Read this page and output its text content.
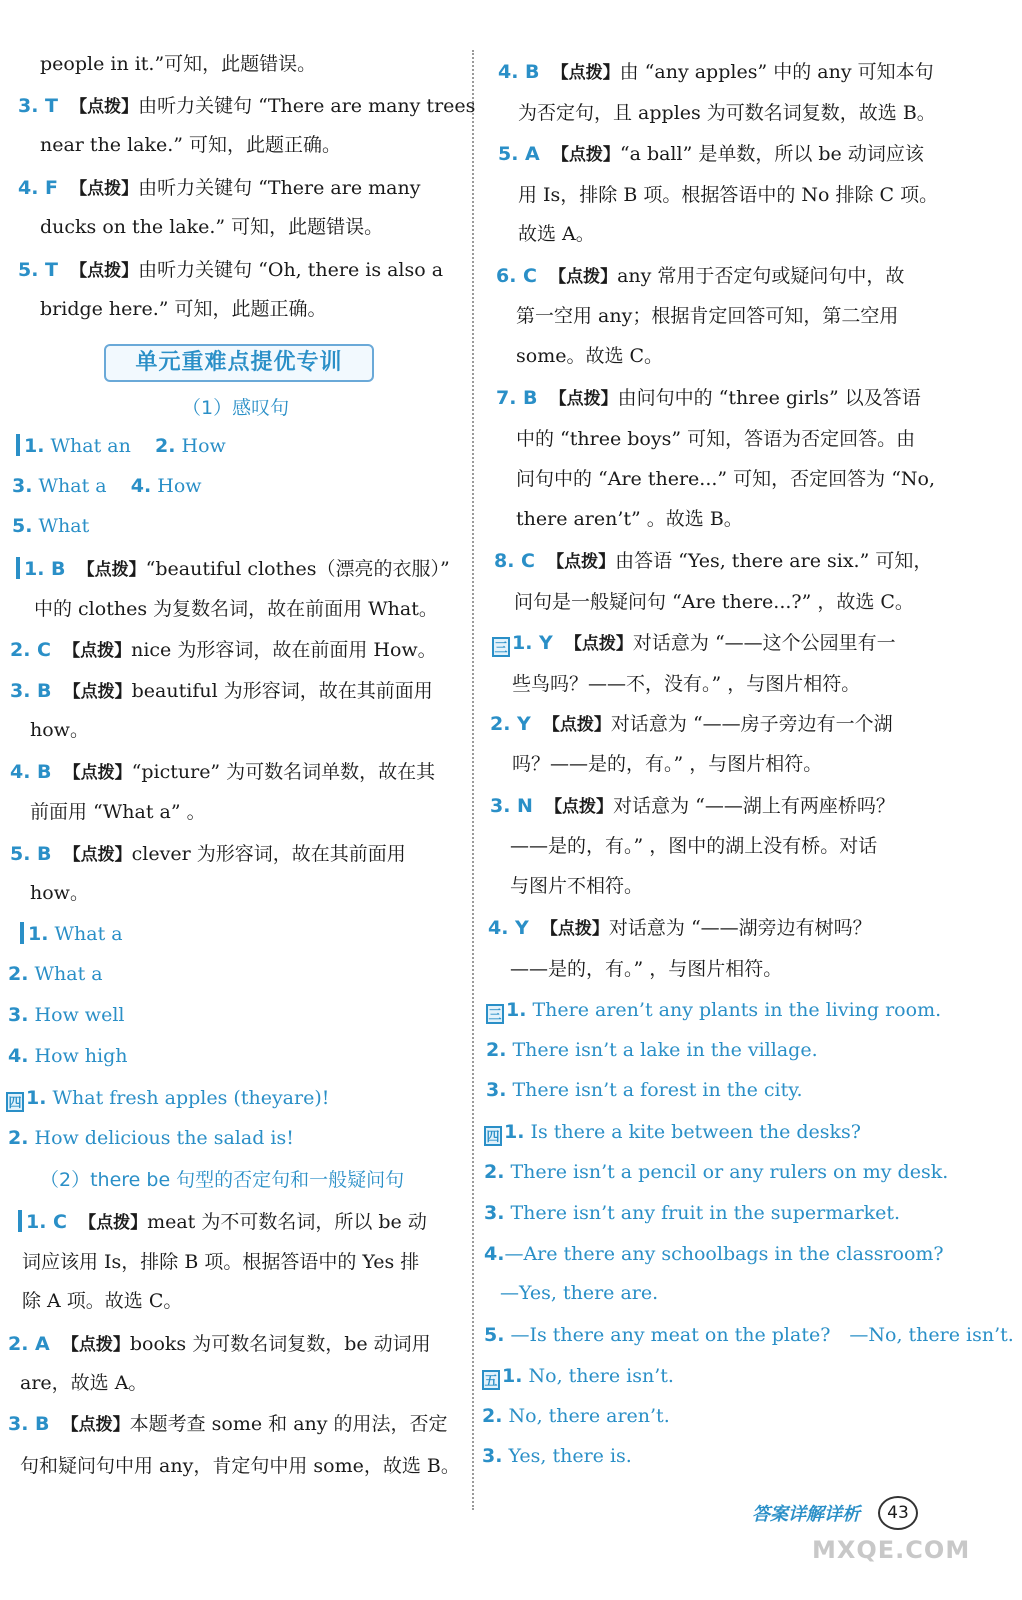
people in it.”可知，此题错误。
3. T 【点拨】由听力关键句 “There are many trees
near the lake.” 可知，此题正确。
4. F 【点拨】由听力关键句 “There are many
ducks on the lake.” 可知，此题错误。
5. T 【点拨】由听力关键句 “Oh, there is also a
bridge here.” 可知，此题正确。
单元重难点提优专训
（1）感叹句
1. What an 2. How
3. What a 4. How
5. What
1. B 【点拨】“beautiful clothes（漂亮的衣服）”
中的 clothes 为复数名词，故在前面用 What。
2. C 【点拨】nice 为形容词，故在前面用 How。
3. B 【点拨】beautiful 为形容词，故在其前面用
how。
4. B 【点拨】“picture” 为可数名词单数，故在其
前面用 “What a” 。
5. B 【点拨】clever 为形容词，故在其前面用
how。
1. What a
2. What a
3. How well
4. How high
四 1. What fresh apples (theyare)!
2. How delicious the salad is!
（2）there be 句型的否定句和一般疑问句
1. C 【点拨】meat 为不可数名词，所以 be 动
词应该用 Is，排除 B 项。根据答语中的 Yes 排
除 A 项。故选 C。
2. A 【点拨】books 为可数名词复数，be 动词用
are，故选 A。
3. B 【点拨】本题考查 some 和 any 的用法，否定
句和疑问句中用 any，肯定句中用 some，故选 B。
4. B 【点拨】由 “any apples” 中的 any 可知本句
为否定句，且 apples 为可数名词复数，故选 B。
5. A 【点拨】“a ball” 是单数，所以 be 动词应该
用 Is，排除 B 项。根据答语中的 No 排除 C 项。
故选 A。
6. C 【点拨】any 常用于否定句或疑问句中，故
第一空用 any；根据肯定回答可知，第二空用
some。故选 C。
7. B 【点拨】由问句中的 “three girls” 以及答语
中的 “three boys” 可知，答语为否定回答。由
问句中的 “Are there...” 可知，否定回答为 “No,
there aren’t” 。故选 B。
8. C 【点拨】由答语 “Yes, there are six.” 可知，
问句是一般疑问句 “Are there...?” ，故选 C。
三 1. Y 【点拨】对话意为 “——这个公园里有一
些鸟吗？——不，没有。” ，与图片相符。
2. Y 【点拨】对话意为 “——房子旁边有一个湖
吗？——是的，有。” ，与图片相符。
3. N 【点拨】对话意为 “——湖上有两座桥吗？
——是的，有。” ，图中的湖上没有桥。对话
与图片不相符。
4. Y 【点拨】对话意为 “——湖旁边有树吗？
——是的，有。” ，与图片相符。
三 1. There aren’t any plants in the living room.
2. There isn’t a lake in the village.
3. There isn’t a forest in the city.
四 1. Is there a kite between the desks?
2. There isn’t a pencil or any rulers on my desk.
3. There isn’t any fruit in the supermarket.
4.—Are there any schoolbags in the classroom?
—Yes, there are.
5. —Is there any meat on the plate?　—No, there isn’t.
五 1. No, there isn’t.
2. No, there aren’t.
3. Yes, there is.
答案详解详析	43
MXQE.COM
